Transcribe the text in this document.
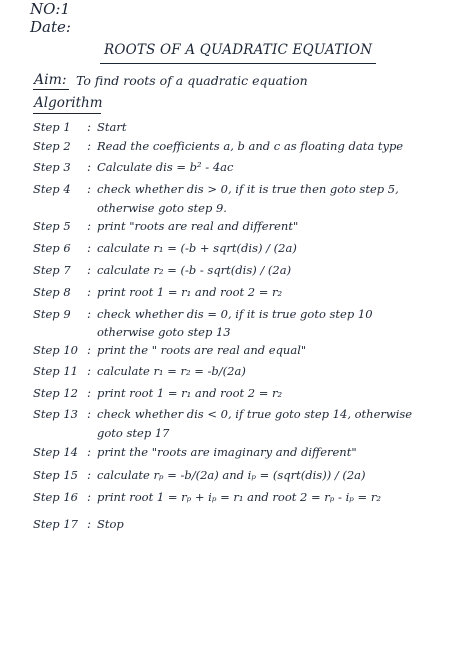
NO:1
Date:
ROOTS OF A QUADRATIC EQUATION
Aim: To find roots of a quadratic equation
Algorithm
Step 1 : Start
Step 2 : Read the coefficients a, b and c as floating data type
Step 3 : Calculate dis = b² - 4ac
Step 4 : check whether dis > 0, if it is true then goto step 5,
otherwise goto step 9.
Step 5 : print "roots are real and different"
Step 6 : calculate r₁ = (-b + sqrt(dis) / (2a)
Step 7 : calculate r₂ = (-b - sqrt(dis) / (2a)
Step 8 : print root 1 = r₁ and root 2 = r₂
Step 9 : check whether dis = 0, if it is true goto step 10
otherwise goto step 13
Step 10 : print the " roots are real and equal"
Step 11 : calculate r₁ = r₂ = -b/(2a)
Step 12 : print root 1 = r₁ and root 2 = r₂
Step 13 : check whether dis < 0, if true goto step 14, otherwise
goto step 17
Step 14 : print the "roots are imaginary and different"
Step 15 : calculate rₚ = -b/(2a) and iₚ = (sqrt(dis)) / (2a)
Step 16 : print root 1 = rₚ + iₚ = r₁ and root 2 = rₚ - iₚ = r₂
Step 17 : Stop
